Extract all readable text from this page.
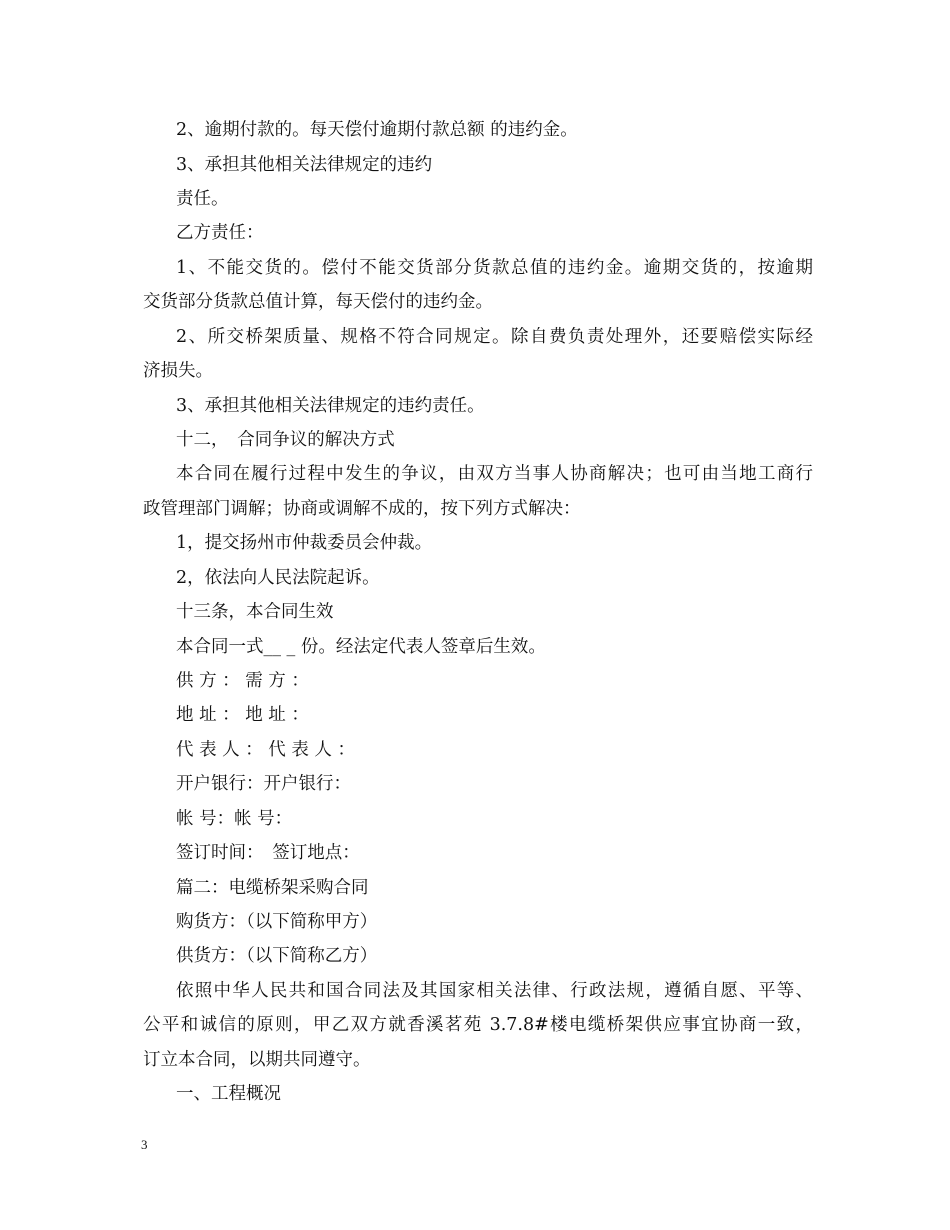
2、逾期付款的。每天偿付逾期付款总额 的违约金。
3、承担其他相关法律规定的违约
责任。
乙方责任：
1、不能交货的。偿付不能交货部分货款总值的违约金。逾期交货的，按逾期
交货部分货款总值计算，每天偿付的违约金。
2、所交桥架质量、规格不符合同规定。除自费负责处理外，还要赔偿实际经
济损失。
3、承担其他相关法律规定的违约责任。
十二，　合同争议的解决方式
本合同在履行过程中发生的争议，由双方当事人协商解决；也可由当地工商行
政管理部门调解；协商或调解不成的，按下列方式解决：
1，提交扬州市仲裁委员会仲裁。
2，依法向人民法院起诉。
十三条，本合同生效
本合同一式__ _ 份。经法定代表人签章后生效。
供 方 ： 需 方 ：
地 址 ： 地 址 ：
代 表 人 ： 代 表 人 ：
开户银行：开户银行：
帐 号：帐 号：
签订时间：　签订地点：
篇二：电缆桥架采购合同
购货方：（以下简称甲方）
供货方：（以下简称乙方）
依照中华人民共和国合同法及其国家相关法律、行政法规，遵循自愿、平等、
公平和诚信的原则，甲乙双方就香溪茗苑 3.7.8#楼电缆桥架供应事宜协商一致，
订立本合同，以期共同遵守。
一、工程概况
3
